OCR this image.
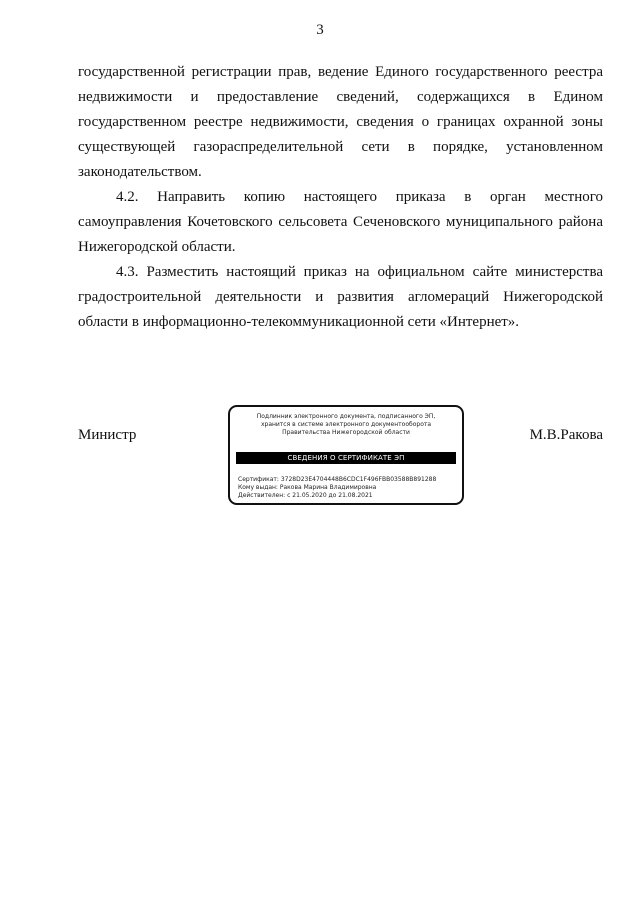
3

государственной регистрации прав, ведение Единого государственного реестра недвижимости и предоставление сведений, содержащихся в Едином государственном реестре недвижимости, сведения о границах охранной зоны существующей газораспределительной сети в порядке, установленном законодательством.

4.2. Направить копию настоящего приказа в орган местного самоуправления Кочетовского сельсовета Сеченовского муниципального района Нижегородской области.

4.3. Разместить настоящий приказ на официальном сайте министерства градостроительной деятельности и развития агломераций Нижегородской области в информационно-телекоммуникационной сети «Интернет».

Министр
Подлинник электронного документа, подписанного ЭП,
хранится в системе электронного документооборота
Правительства Нижегородской области
СВЕДЕНИЯ О СЕРТИФИКАТЕ ЭП
Сертификат: 3728D23E4704448B6CDC1F496FBB03588B891288
Кому выдан: Ракова Марина Владимировна
Действителен: с 21.05.2020 до 21.08.2021
М.В.Ракова
